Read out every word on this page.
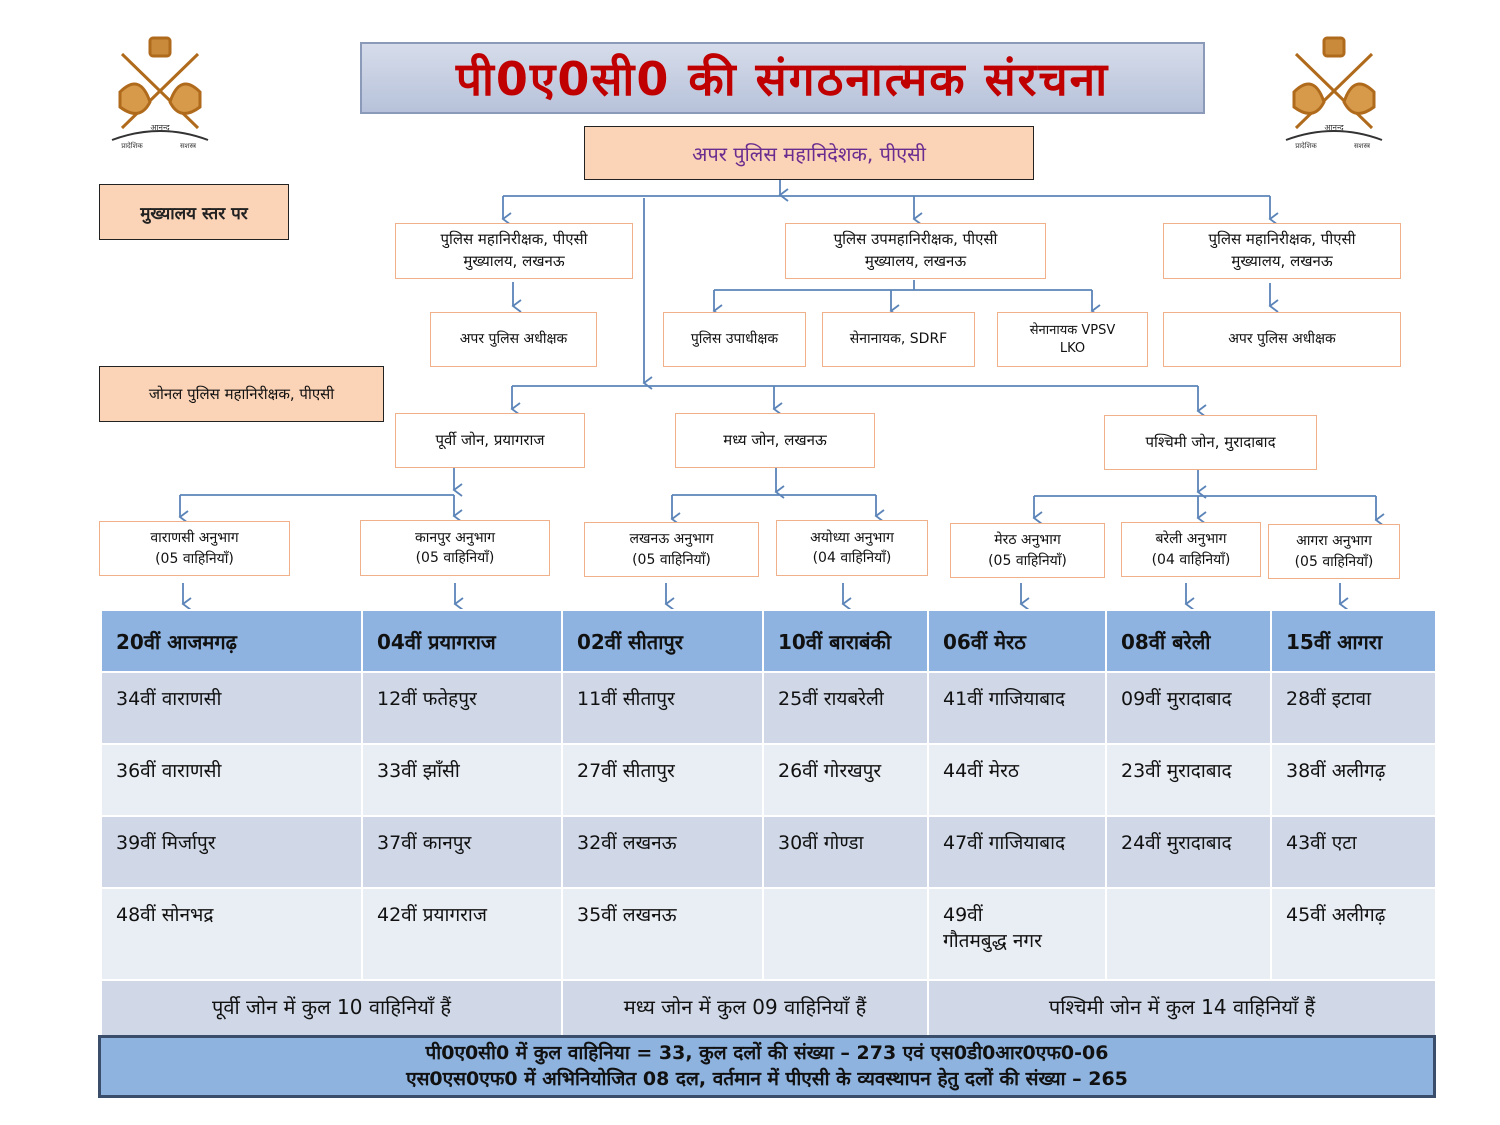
आनन्द
प्रादेशिक	सशस्त्र
आनन्द
प्रादेशिक	सशस्त्र
पी0ए0सी0 की संगठनात्मक संरचना
अपर पुलिस महानिदेशक, पीएसी
मुख्यालय स्तर पर
जोनल पुलिस महानिरीक्षक, पीएसी
पुलिस महानिरीक्षक, पीएसी
मुख्यालय, लखनऊ
पुलिस उपमहानिरीक्षक, पीएसी
मुख्यालय, लखनऊ
पुलिस महानिरीक्षक, पीएसी
मुख्यालय, लखनऊ
अपर पुलिस अधीक्षक	पुलिस उपाधीक्षक	सेनानायक, SDRF
सेनानायक VPSV
LKO
अपर पुलिस अधीक्षक
पूर्वी जोन, प्रयागराज	मध्य जोन, लखनऊ	पश्चिमी जोन, मुरादाबाद
वाराणसी अनुभाग
(05 वाहिनियाँ)
कानपुर अनुभाग
(05 वाहिनियाँ)
लखनऊ अनुभाग
(05 वाहिनियाँ)
अयोध्या अनुभाग
(04 वाहिनियाँ)
मेरठ अनुभाग
(05 वाहिनियाँ)
बरेली अनुभाग
(04 वाहिनियाँ)
आगरा अनुभाग
(05 वाहिनियाँ)
20वीं आजमगढ़	04वीं प्रयागराज	02वीं सीतापुर	10वीं बाराबंकी	06वीं मेरठ	08वीं बरेली	15वीं आगरा
34वीं वाराणसी	12वीं फतेहपुर	11वीं सीतापुर	25वीं रायबरेली	41वीं गाजियाबाद	09वीं मुरादाबाद	28वीं इटावा
36वीं वाराणसी	33वीं झाँसी	27वीं सीतापुर	26वीं गोरखपुर	44वीं मेरठ	23वीं मुरादाबाद	38वीं अलीगढ़
39वीं मिर्जापुर	37वीं कानपुर	32वीं लखनऊ	30वीं गोण्डा	47वीं गाजियाबाद	24वीं मुरादाबाद	43वीं एटा
48वीं सोनभद्र	42वीं प्रयागराज	35वीं लखनऊ		49वीं गौतमबुद्ध नगर		45वीं अलीगढ़
पूर्वी जोन में कुल 10 वाहिनियाँ हैं		मध्य जोन में कुल 09 वाहिनियाँ हैं		पश्चिमी जोन में कुल 14 वाहिनियाँ हैं		
पी0ए0सी0 में कुल वाहिनिया = 33, कुल दलों की संख्या – 273 एवं एस0डी0आर0एफ0-06
एस0एस0एफ0 में अभिनियोजित 08 दल, वर्तमान में पीएसी के व्यवस्थापन हेतु दलों की संख्या – 265
